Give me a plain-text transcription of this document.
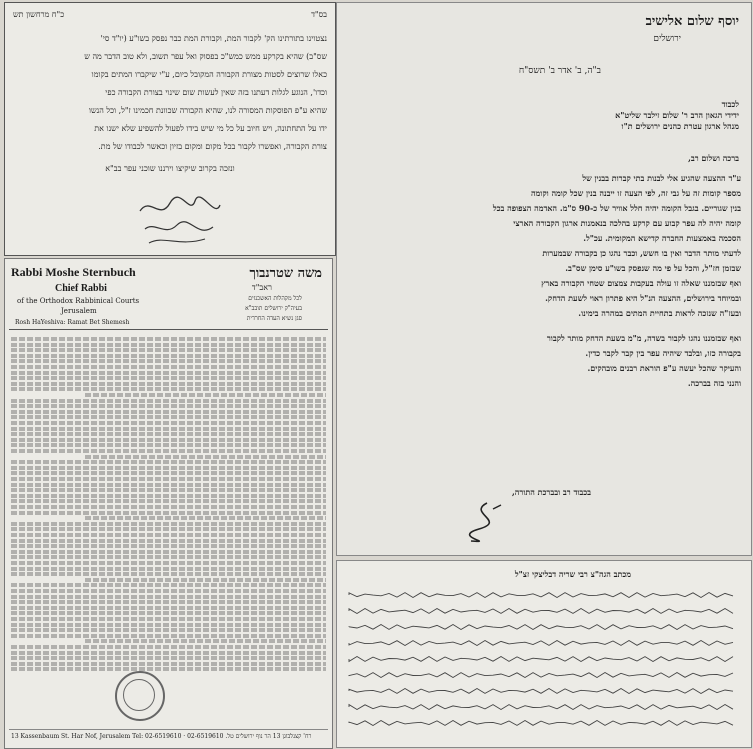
בס"ד
כ"ח מרחשון תש
נצטוינו בתורתינו הק' לקבור המת, וקבורת המת כבר נפסק בשו"ע (יו"ד סי'
שס"ב) שהיא בקרקע ממש כמש"כ בפסוק ואל עפר תשוב, ולא טוב הדבר מה ש
כאלו שרוצים לסטות מצורת הקבורה המקובל כיום, ע"י שיקברו המתים בקומו
וכדו', הנוגע לגלות דעתנו בזה שאין לעשות שום שינוי בצורת הקבורה כפי
שהיא ע"פ הפוסקות המסורה לנו, שהיא הקבורה שכוונת חכמינו ז"ל, וכל הנשו
ידו על התחתונה, ויש חיוב על כל מי שיש בידו לפעול להשפיע שלא ישנו את
צורת הקבורה, ואפשרו לקבור בכל מקום ומקום בזיון וכאשר לכבודו של מת.
ונזכה בקרוב שיקיצו וירננו שוכני עפר בב"א
Rabbi Moshe Sternbuch
Chief Rabbi
of the Orthodox Rabbinical Courts
Jerusalem
Rosh HaYeshiva: Ramat Bet Shemesh
משה שטרנבוך
ראב"ד
לכל מקהלות האשכנזים
בעיה"ק ירושלים תובב"א
סגן נשיא העדה החרדית
13 Kassenbaum St. Har Nof, Jerusalem Tel: 02-6519610 · רח' קצנלבוגן 13 הר נוף ירושלים טל. 02-6519610
יוסף שלום אלישיב
ירושלים
ב"ה, ב' אדר ב' תשס"ח
לכבוד
ידידי הגאון הרב ר' שלום זילבר שליט"א
מנהל ארגון עטרת כהנים ירושלים ת"ו
ברכה ושלום רב,
ע"ד ההצעה שהגיע אלי לבנות בתי קברות בבנין של
מספר קומות זה על גבי זה, לפי הצעה זו ייבנה בנין שכל קומה וקומה
בנין שגוריים. בגבל הקומה יהיה חלל אוויר של כ-90 ס"מ. האדמה הצפופה בכל
קומה יהיה לה עפר קבוע עם קרקע בהלכה בנאמנות ארגון הקבורה הארצי
הסכמה באמצעות החברה קדישא המקומית. עכ"ל.
לדעתי מותר הדבר ואין בו חשש, וכבר נהגו כן בקבורה שבמערות
שבזמן חז"ל, והכל על פי מה שנפסק בשו"ע סימן שס"ב.
ואף שבזמננו שאלה זו עולה בעקבות צמצום שטחי הקבורה בארץ
ובמיוחד בירושלים, ההצעה הנ"ל היא פתרון ראוי לשעת הדחק.
ובעז"ה שנזכה לראות בתחיית המתים במהרה בימינו.
ואף שבזמננו נהגו לקבור בשדה, מ"מ בשעת הדחק מותר לקבור
בקבורה כזו, ובלבד שיהיה עפר בין קבר לקבר כדין.
והעיקר שהכל יעשה ע"פ הוראת רבנים מובהקים.
והנני בזה בברכה.
בכבוד רב ובברכת התורה,
מכתב הגה"צ רבי שריה דבליצקי זצ"ל
